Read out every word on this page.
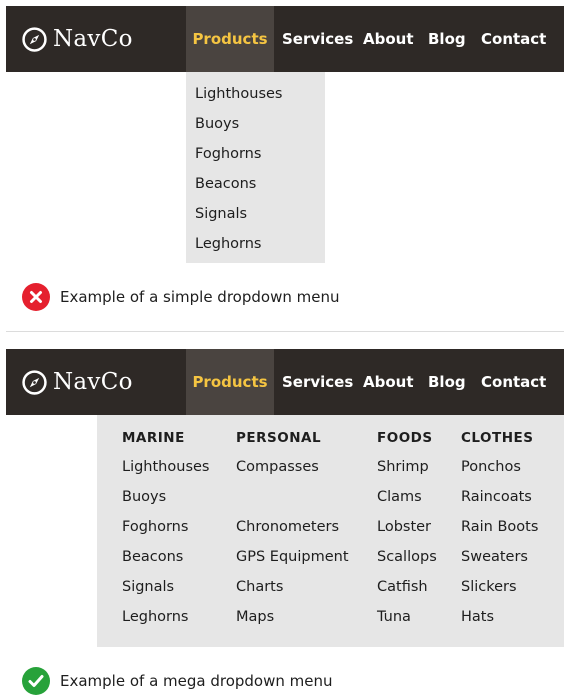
NavCo	Products Services About Blog Contact
Lighthouses
Buoys
Foghorns
Beacons
Signals
Leghorns
Example of a simple dropdown menu
NavCo	Products Services About Blog Contact
MARINE
Lighthouses
Buoys
Foghorns
Beacons
Signals
Leghorns
PERSONAL
Compasses
Chronometers
GPS Equipment
Charts
Maps
FOODS
Shrimp
Clams
Lobster
Scallops
Catfish
Tuna
CLOTHES
Ponchos
Raincoats
Rain Boots
Sweaters
Slickers
Hats
Example of a mega dropdown menu
